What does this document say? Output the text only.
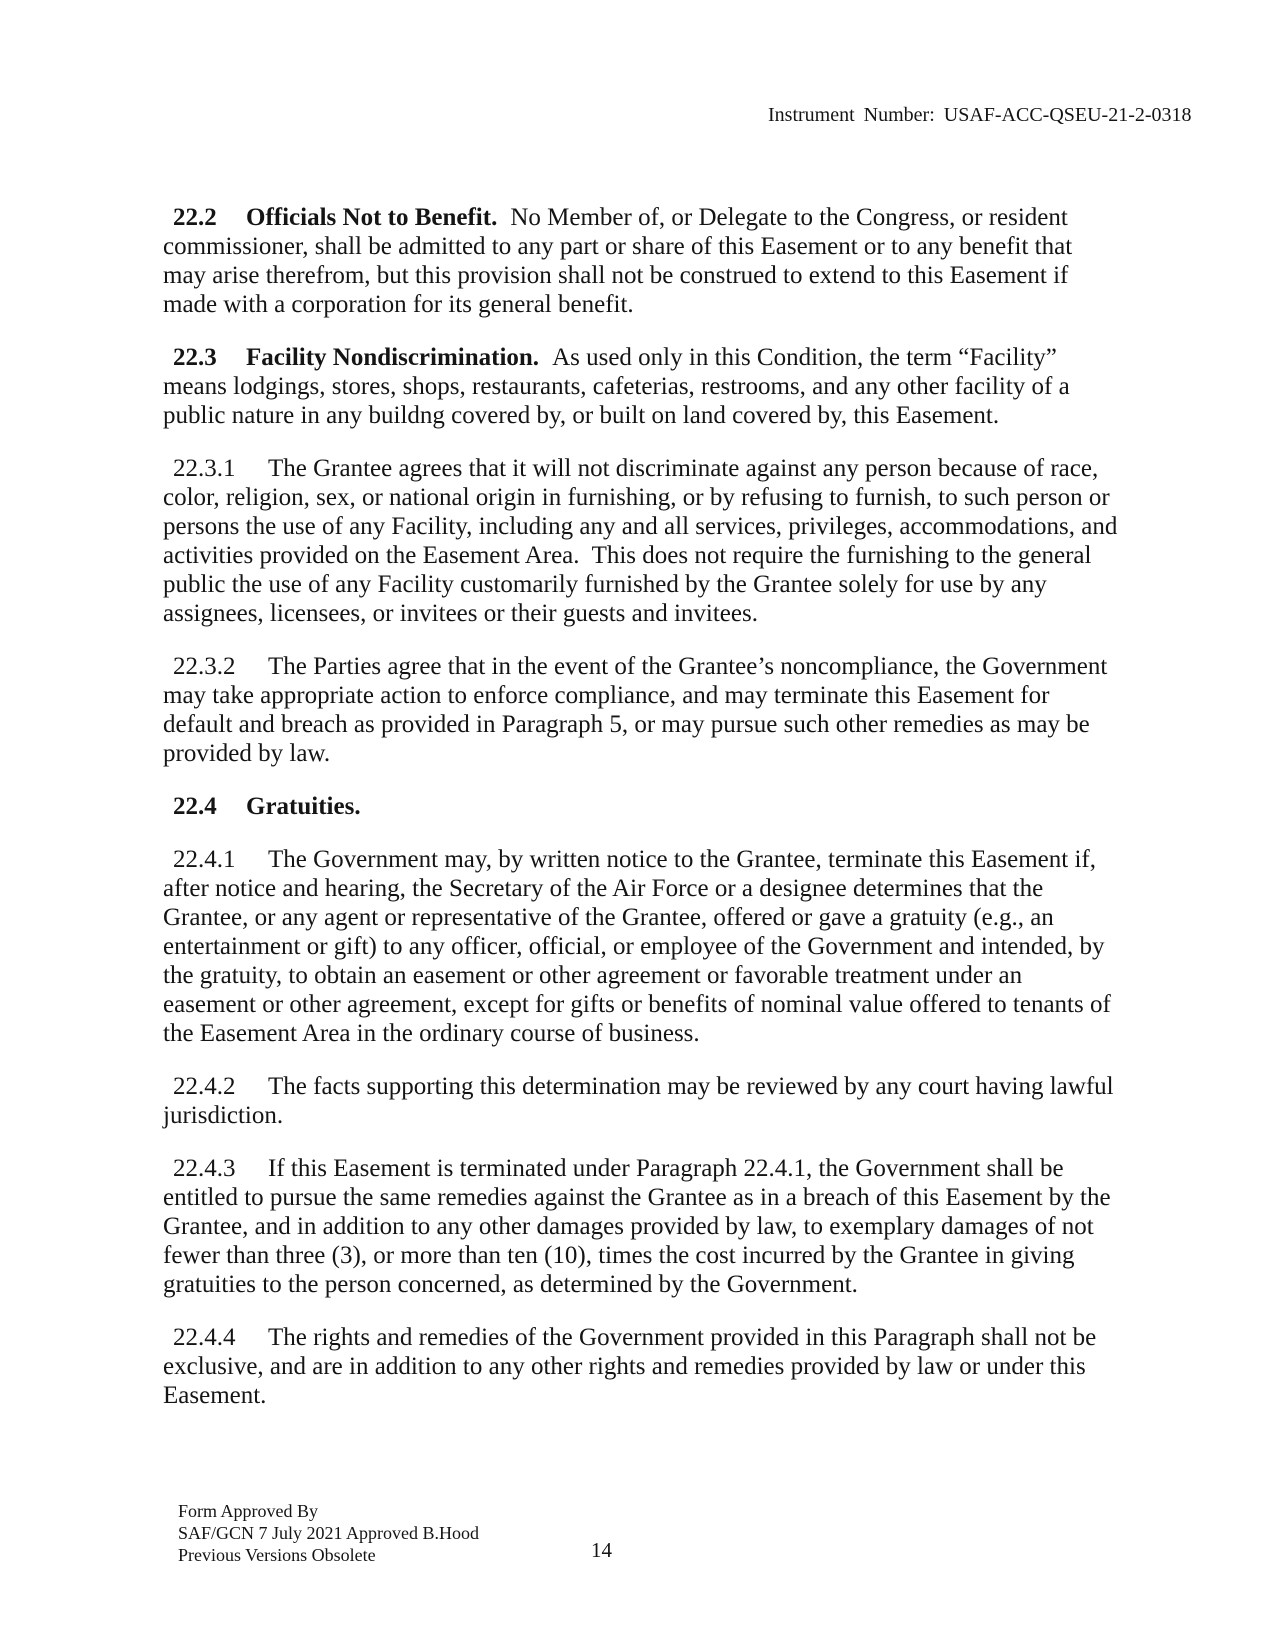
Instrument Number: USAF-ACC-QSEU-21-2-0318

22.2 Officials Not to Benefit. No Member of, or Delegate to the Congress, or resident commissioner, shall be admitted to any part or share of this Easement or to any benefit that may arise therefrom, but this provision shall not be construed to extend to this Easement if made with a corporation for its general benefit.

22.3 Facility Nondiscrimination. As used only in this Condition, the term “Facility” means lodgings, stores, shops, restaurants, cafeterias, restrooms, and any other facility of a public nature in any buildng covered by, or built on land covered by, this Easement.

22.3.1 The Grantee agrees that it will not discriminate against any person because of race, color, religion, sex, or national origin in furnishing, or by refusing to furnish, to such person or persons the use of any Facility, including any and all services, privileges, accommodations, and activities provided on the Easement Area.  This does not require the furnishing to the general public the use of any Facility customarily furnished by the Grantee solely for use by any assignees, licensees, or invitees or their guests and invitees.

22.3.2 The Parties agree that in the event of the Grantee’s noncompliance, the Government may take appropriate action to enforce compliance, and may terminate this Easement for default and breach as provided in Paragraph 5, or may pursue such other remedies as may be provided by law.

22.4 Gratuities.

22.4.1 The Government may, by written notice to the Grantee, terminate this Easement if, after notice and hearing, the Secretary of the Air Force or a designee determines that the Grantee, or any agent or representative of the Grantee, offered or gave a gratuity (e.g., an entertainment or gift) to any officer, official, or employee of the Government and intended, by the gratuity, to obtain an easement or other agreement or favorable treatment under an easement or other agreement, except for gifts or benefits of nominal value offered to tenants of the Easement Area in the ordinary course of business.

22.4.2 The facts supporting this determination may be reviewed by any court having lawful jurisdiction.

22.4.3 If this Easement is terminated under Paragraph 22.4.1, the Government shall be entitled to pursue the same remedies against the Grantee as in a breach of this Easement by the Grantee, and in addition to any other damages provided by law, to exemplary damages of not fewer than three (3), or more than ten (10), times the cost incurred by the Grantee in giving gratuities to the person concerned, as determined by the Government.

22.4.4 The rights and remedies of the Government provided in this Paragraph shall not be exclusive, and are in addition to any other rights and remedies provided by law or under this Easement.

Form Approved By
SAF/GCN 7 July 2021 Approved B.Hood
Previous Versions Obsolete	14
